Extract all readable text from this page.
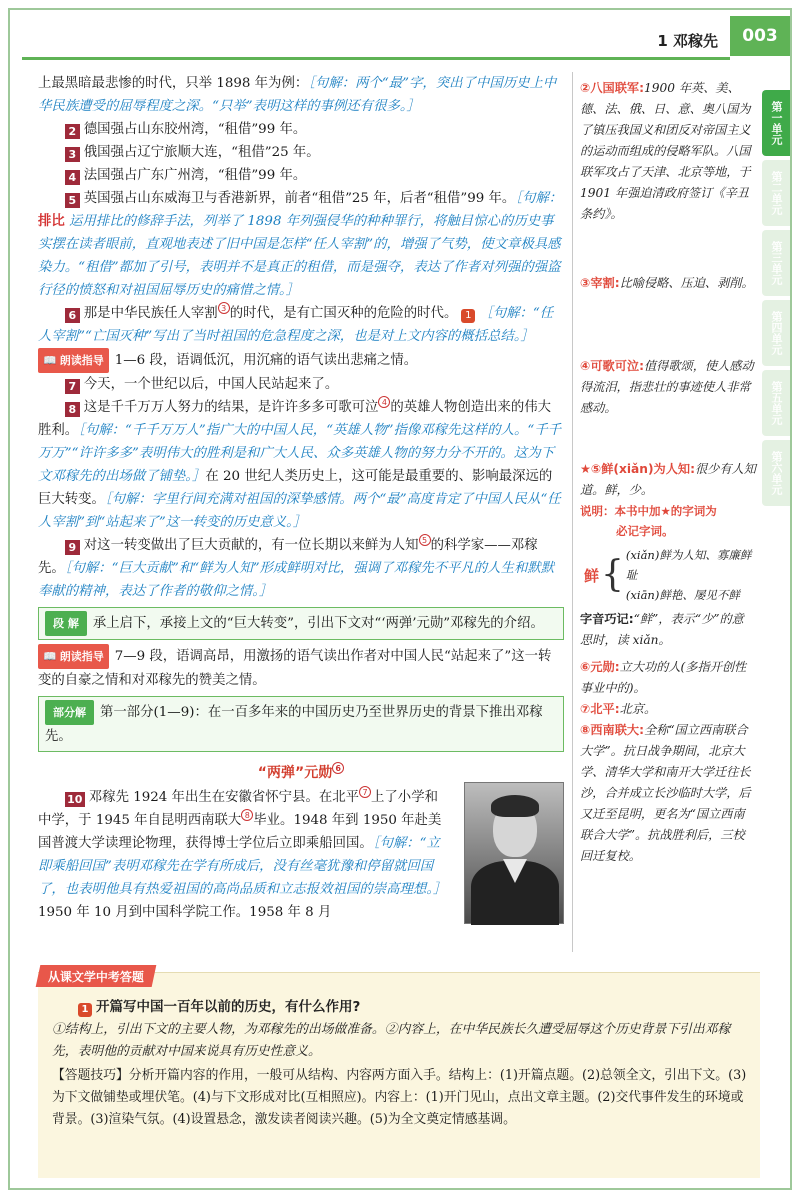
1 邓稼先	003
第一单元
第二单元
第三单元
第四单元
第五单元
第六单元

上最黑暗最悲惨的时代，只举 1898 年为例：［句解：两个“最”字，突出了中国历史上中华民族遭受的屈辱程度之深。“只举”表明这样的事例还有很多。］

2 德国强占山东胶州湾，“租借”99 年。

3 俄国强占辽宁旅顺大连，“租借”25 年。

4 法国强占广东广州湾，“租借”99 年。

5 英国强占山东威海卫与香港新界，前者“租借”25 年，后者“租借”99 年。［句解：排比 运用排比的修辞手法，列举了 1898 年列强侵华的种种罪行，将触目惊心的历史事实摆在读者眼前，直观地表述了旧中国是怎样“任人宰割”的，增强了气势，使文章极具感染力。“租借”都加了引号，表明并不是真正的租借，而是强夺，表达了作者对列强的强盗行径的愤怒和对祖国屈辱历史的痛惜之情。］

6 那是中华民族任人宰割 3 的时代，是有亡国灭种的危险的时代。 1 ［句解：“任人宰割”“亡国灭种”写出了当时祖国的危急程度之深，也是对上文内容的概括总结。］

📖 朗读指导 1—6 段，语调低沉，用沉痛的语气读出悲痛之情。

7 今天，一个世纪以后，中国人民站起来了。

8 这是千千万万人努力的结果，是许许多多可歌可泣 4 的英雄人物创造出来的伟大胜利。［句解：“千千万万人”指广大的中国人民，“英雄人物”指像邓稼先这样的人。“千千万万”“许许多多”表明伟大的胜利是和广大人民、众多英雄人物的努力分不开的。这为下文邓稼先的出场做了铺垫。］在 20 世纪人类历史上，这可能是最重要的、影响最深远的巨大转变。［句解：字里行间充满对祖国的深挚感情。两个“最”高度肯定了中国人民从“任人宰割”到“站起来了”这一转变的历史意义。］

9 对这一转变做出了巨大贡献的，有一位长期以来鲜为人知 5 的科学家——邓稼先。［句解：“巨大贡献”和“鲜为人知”形成鲜明对比，强调了邓稼先不平凡的人生和默默奉献的精神，表达了作者的敬仰之情。］

段 解 承上启下，承接上文的“巨大转变”，引出下文对“‘两弹’元勋”邓稼先的介绍。

📖 朗读指导 7—9 段，语调高昂，用激扬的语气读出作者对中国人民“站起来了”这一转变的自豪之情和对邓稼先的赞美之情。

部分解 第一部分(1—9)：在一百多年来的中国历史乃至世界历史的背景下推出邓稼先。
“两弹”元勋 6

10 邓稼先 1924 年出生在安徽省怀宁县。在北平 7 上了小学和中学，于 1945 年自昆明西南联大 8 毕业。1948 年到 1950 年赴美国普渡大学读理论物理，获得博士学位后立即乘船回国。［句解：“立即乘船回国”表明邓稼先在学有所成后，没有丝毫犹豫和停留就回国了，也表明他具有热爱祖国的高尚品质和立志报效祖国的崇高理想。］1950 年 10 月到中国科学院工作。1958 年 8 月

②八国联军:1900 年英、美、德、法、俄、日、意、奥八国为了镇压我国义和团反对帝国主义的运动而组成的侵略军队。八国联军攻占了天津、北京等地，于 1901 年强迫清政府签订《辛丑条约》。

③宰割:比喻侵略、压迫、剥削。

④可歌可泣:值得歌颂，使人感动得流泪，指悲壮的事迹使人非常感动。

★⑤鲜(xiǎn)为人知:很少有人知道。鲜，少。

说明：本书中加★的字词为
必记字词。

鲜 { (xiǎn)鲜为人知、寡廉鲜耻
(xiān)鲜艳、屡见不鲜

字音巧记:“鲜”，表示“少”的意思时，读 xiǎn。

⑥元勋:立大功的人(多指开创性事业中的)。

⑦北平:北京。

⑧西南联大:全称“国立西南联合大学”。抗日战争期间，北京大学、清华大学和南开大学迁往长沙，合并成立长沙临时大学，后又迁至昆明，更名为“国立西南联合大学”。抗战胜利后，三校回迁复校。

从课文学中考答题
1 开篇写中国一百年以前的历史，有什么作用?

①结构上，引出下文的主要人物，为邓稼先的出场做准备。②内容上，在中华民族长久遭受屈辱这个历史背景下引出邓稼先，表明他的贡献对中国来说具有历史性意义。

【答题技巧】分析开篇内容的作用，一般可从结构、内容两方面入手。结构上：(1)开篇点题。(2)总领全文，引出下文。(3)为下文做铺垫或埋伏笔。(4)与下文形成对比(互相照应)。内容上：(1)开门见山，点出文章主题。(2)交代事件发生的环境或背景。(3)渲染气氛。(4)设置悬念，激发读者阅读兴趣。(5)为全文奠定情感基调。
